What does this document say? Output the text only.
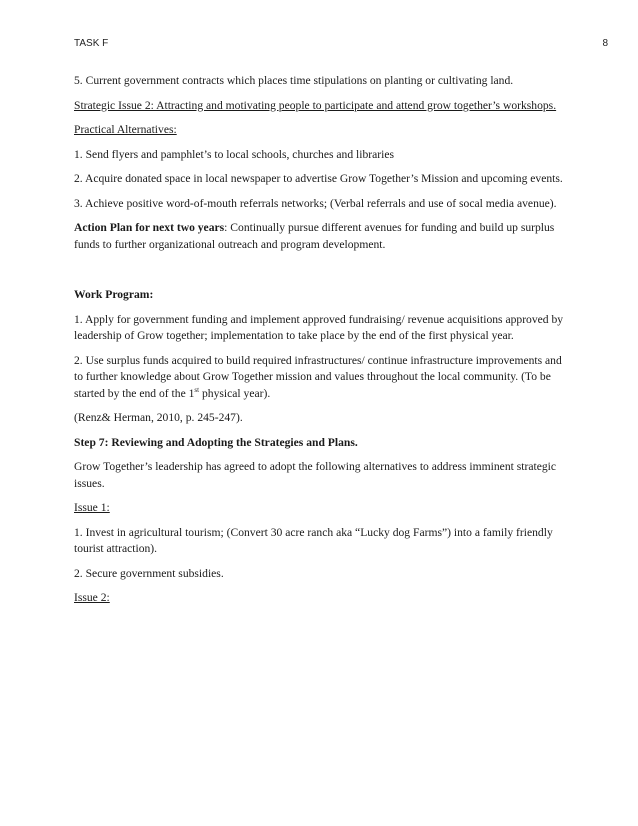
TASK F	8

5. Current government contracts which places time stipulations on planting or cultivating land.

Strategic Issue 2: Attracting and motivating people to participate and attend grow together’s workshops.

Practical Alternatives:

1. Send flyers and pamphlet’s to local schools, churches and libraries

2. Acquire donated space in local newspaper to advertise Grow Together’s Mission and upcoming events.

3. Achieve positive word-of-mouth referrals networks; (Verbal referrals and use of socal media avenue).

Action Plan for next two years: Continually pursue different avenues for funding and build up surplus funds to further organizational outreach and program development.

Work Program:

1. Apply for government funding and implement approved fundraising/ revenue acquisitions approved by leadership of Grow together; implementation to take place by the end of the first physical year.

2. Use surplus funds acquired to build required infrastructures/ continue infrastructure improvements and to further knowledge about Grow Together mission and values throughout the local community. (To be started by the end of the 1st physical year).

(Renz& Herman, 2010, p. 245-247).

Step 7: Reviewing and Adopting the Strategies and Plans.

Grow Together’s leadership has agreed to adopt the following alternatives to address imminent strategic issues.

Issue 1:

1. Invest in agricultural tourism; (Convert 30 acre ranch aka “Lucky dog Farms”) into a family friendly tourist attraction).

2. Secure government subsidies.

Issue 2:
